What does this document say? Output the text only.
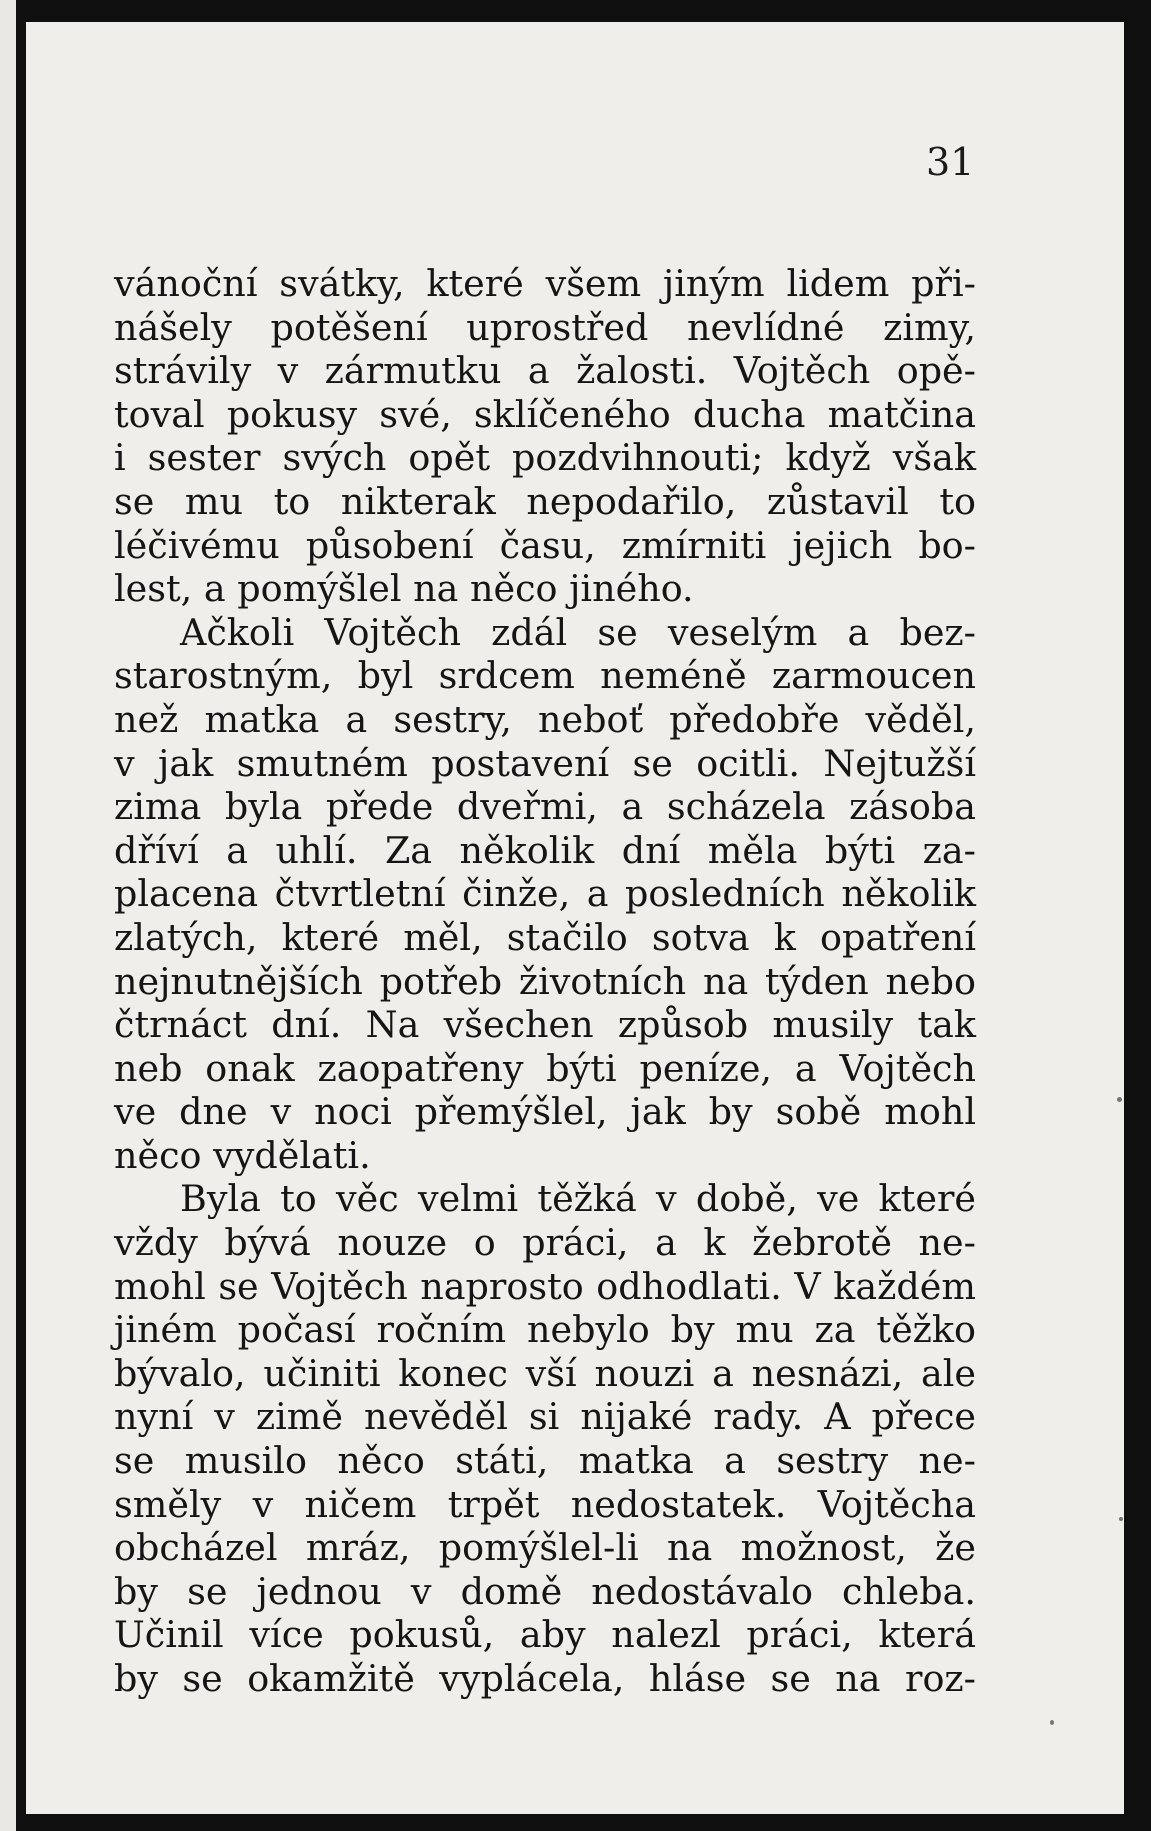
31
vánoční svátky, které všem jiným lidem při-
nášely potěšení uprostřed nevlídné zimy,
strávily v zármutku a žalosti. Vojtěch opě-
toval pokusy své, sklíčeného ducha matčina
i sester svých opět pozdvihnouti; když však
se mu to nikterak nepodařilo, zůstavil to
léčivému působení času, zmírniti jejich bo-
lest, a pomýšlel na něco jiného.
Ačkoli Vojtěch zdál se veselým a bez-
starostným, byl srdcem neméně zarmoucen
než matka a sestry, neboť předobře věděl,
v jak smutném postavení se ocitli. Nejtužší
zima byla přede dveřmi, a scházela zásoba
dříví a uhlí. Za několik dní měla býti za-
placena čtvrtletní činže, a posledních několik
zlatých, které měl, stačilo sotva k opatření
nejnutnějších potřeb životních na týden nebo
čtrnáct dní. Na všechen způsob musily tak
neb onak zaopatřeny býti peníze, a Vojtěch
ve dne v noci přemýšlel, jak by sobě mohl
něco vydělati.
Byla to věc velmi těžká v době, ve které
vždy bývá nouze o práci, a k žebrotě ne-
mohl se Vojtěch naprosto odhodlati. V každém
jiném počasí ročním nebylo by mu za těžko
bývalo, učiniti konec vší nouzi a nesnázi, ale
nyní v zimě nevěděl si nijaké rady. A přece
se musilo něco státi, matka a sestry ne-
směly v ničem trpět nedostatek. Vojtěcha
obcházel mráz, pomýšlel-li na možnost, že
by se jednou v domě nedostávalo chleba.
Učinil více pokusů, aby nalezl práci, která
by se okamžitě vyplácela, hláse se na roz-
